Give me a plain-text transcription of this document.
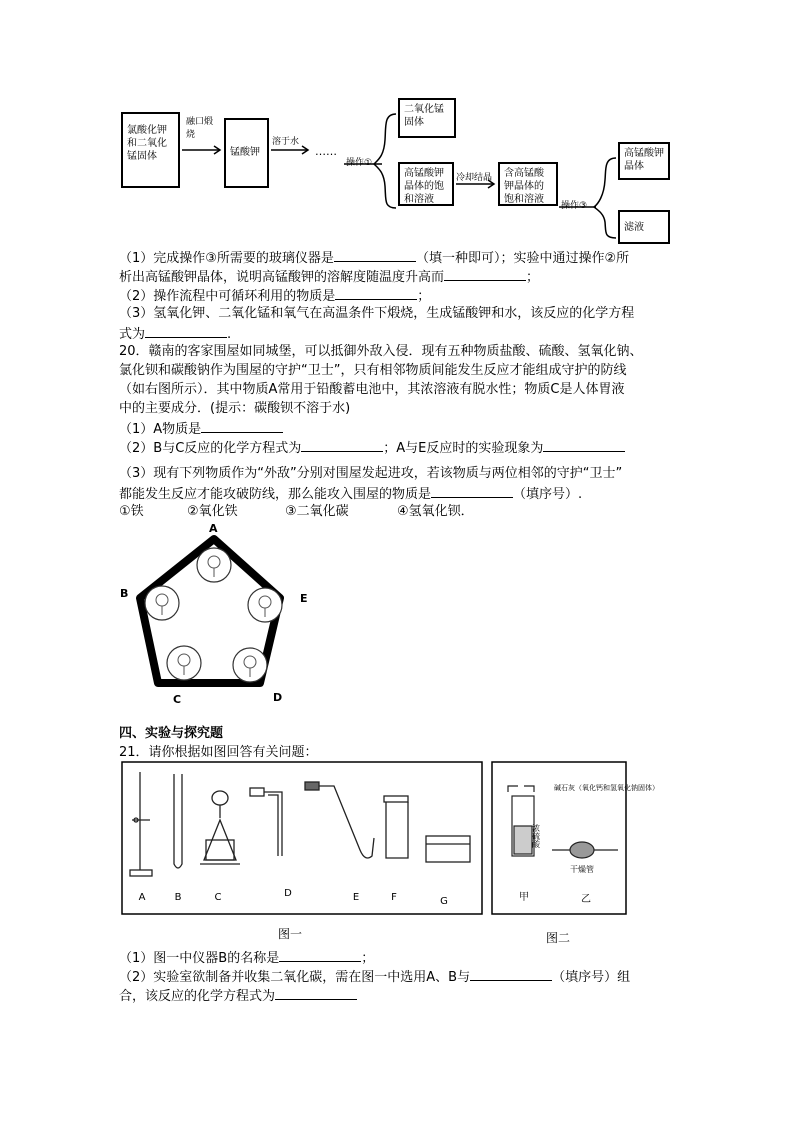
氯酸化钾和二氧化锰固体
融口煅烧
锰酸钾
溶于水
……
操作①
二氧化锰固体
高锰酸钾晶体的饱和溶液
冷却结晶	含高锰酸钾晶体的饱和溶液
操作③
高锰酸钾晶体
滤液
（1）完成操作③所需要的玻璃仪器是	（填一种即可）；实验中通过操作②所
析出高锰酸钾晶体，说明高锰酸钾的溶解度随温度升高而	；
（2）操作流程中可循环利用的物质是	；
（3）氢氧化钾、二氧化锰和氧气在高温条件下煅烧，生成锰酸钾和水，该反应的化学方程
式为	.
20．赣南的客家围屋如同城堡，可以抵御外敌入侵．现有五种物质盐酸、硫酸、氢氧化钠、
氯化钡和碳酸钠作为围屋的守护“卫士”，只有相邻物质间能发生反应才能组成守护的防线
（如右图所示）．其中物质A常用于铅酸蓄电池中，其浓溶液有脱水性；物质C是人体胃液
中的主要成分．(提示：碳酸钡不溶于水)
（1）A物质是
（2）B与C反应的化学方程式为	；A与E反应时的实验现象为
（3）现有下列物质作为“外敌”分别对围屋发起进攻，若该物质与两位相邻的守护“卫士”
都能发生反应才能攻破防线，那么能攻入围屋的物质是	（填序号）.
①铁	②氧化铁	③二氧化碳	④氢氧化钡．
A
B
C	D
E
四、实验与探究题
21．请你根据如图回答有关问题：
A	B	C	D	E	F	G
图一
浓硫酸
碱石灰（氧化钙和氢氧化钠固体）
干燥管
甲	乙
图二
（1）图一中仪器B的名称是	；
（2）实验室欲制备并收集二氧化碳，需在图一中选用A、B与	（填序号）组
合，该反应的化学方程式为
